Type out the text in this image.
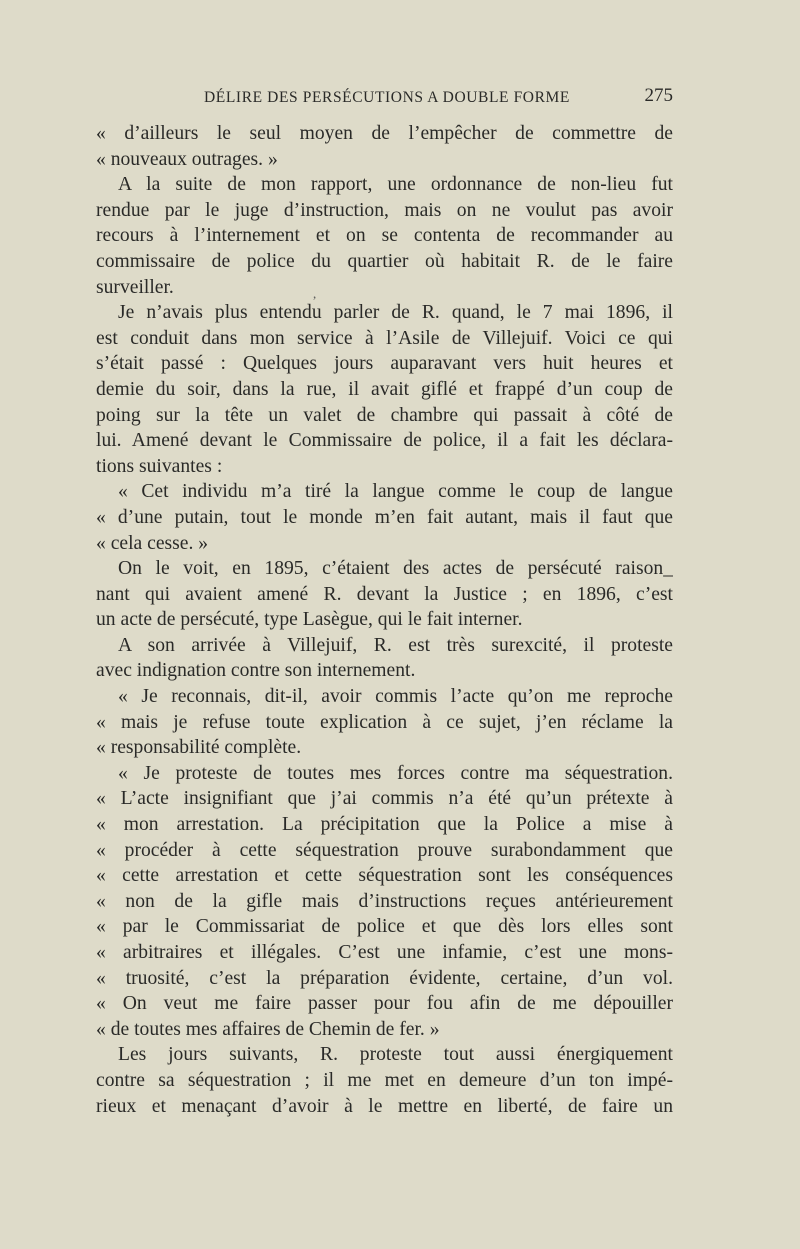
DÉLIRE DES PERSÉCUTIONS A DOUBLE FORME	275
,
« d’ailleurs le seul moyen de l’empêcher de commettre de
« nouveaux outrages. »
A la suite de mon rapport, une ordonnance de non-lieu fut
rendue par le juge d’instruction, mais on ne voulut pas avoir
recours à l’internement et on se contenta de recommander au
commissaire de police du quartier où habitait R. de le faire
surveiller.
Je n’avais plus entendu parler de R. quand, le 7 mai 1896, il
est conduit dans mon service à l’Asile de Villejuif. Voici ce qui
s’était passé : Quelques jours auparavant vers huit heures et
demie du soir, dans la rue, il avait giflé et frappé d’un coup de
poing sur la tête un valet de chambre qui passait à côté de
lui. Amené devant le Commissaire de police, il a fait les déclara-
tions suivantes :
« Cet individu m’a tiré la langue comme le coup de langue
« d’une putain, tout le monde m’en fait autant, mais il faut que
« cela cesse. »
On le voit, en 1895, c’étaient des actes de persécuté raison_
nant qui avaient amené R. devant la Justice ; en 1896, c’est
un acte de persécuté, type Lasègue, qui le fait interner.
A son arrivée à Villejuif, R. est très surexcité, il proteste
avec indignation contre son internement.
« Je reconnais, dit-il, avoir commis l’acte qu’on me reproche
« mais je refuse toute explication à ce sujet, j’en réclame la
« responsabilité complète.
« Je proteste de toutes mes forces contre ma séquestration.
« L’acte insignifiant que j’ai commis n’a été qu’un prétexte à
« mon arrestation. La précipitation que la Police a mise à
« procéder à cette séquestration prouve surabondamment que
« cette arrestation et cette séquestration sont les conséquences
« non de la gifle mais d’instructions reçues antérieurement
« par le Commissariat de police et que dès lors elles sont
« arbitraires et illégales. C’est une infamie, c’est une mons-
« truosité, c’est la préparation évidente, certaine, d’un vol.
« On veut me faire passer pour fou afin de me dépouiller
« de toutes mes affaires de Chemin de fer. »
Les jours suivants, R. proteste tout aussi énergiquement
contre sa séquestration ; il me met en demeure d’un ton impé-
rieux et menaçant d’avoir à le mettre en liberté, de faire un
